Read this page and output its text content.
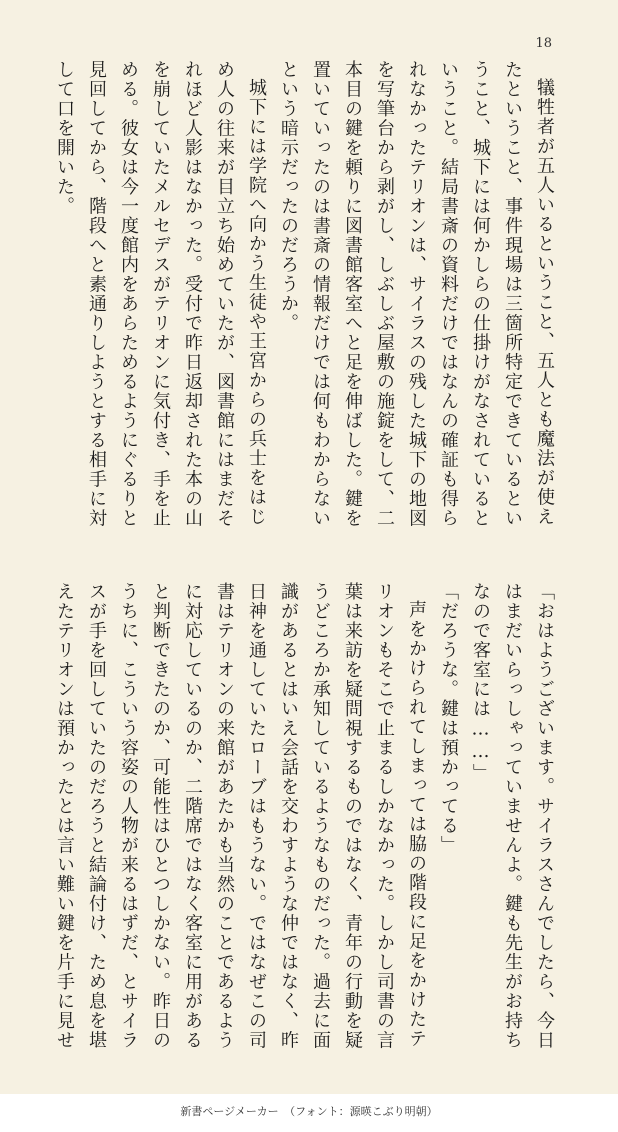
18

犠牲者が五人いるということ、五人とも魔法が使えたということ、事件現場は三箇所特定できているということ、城下には何かしらの仕掛けがなされているということ。結局書斎の資料だけではなんの確証も得られなかったテリオンは、サイラスの残した城下の地図を写筆台から剥がし、しぶしぶ屋敷の施錠をして、二本目の鍵を頼りに図書館客室へと足を伸ばした。鍵を置いていったのは書斎の情報だけでは何もわからないという暗示だったのだろうか。

城下には学院へ向かう生徒や王宮からの兵士をはじめ人の往来が目立ち始めていたが、図書館にはまだそれほど人影はなかった。受付で昨日返却された本の山を崩していたメルセデスがテリオンに気付き、手を止める。彼女は今一度館内をあらためるようにぐるりと見回してから、階段へと素通りしようとする相手に対して口を開いた。

「おはようございます。サイラスさんでしたら、今日はまだいらっしゃっていませんよ。鍵も先生がお持ちなので客室には……」

「だろうな。鍵は預かってる」

声をかけられてしまっては脇の階段に足をかけたテリオンもそこで止まるしかなかった。しかし司書の言葉は来訪を疑問視するものではなく、青年の行動を疑うどころか承知しているようなものだった。過去に面識があるとはいえ会話を交わすような仲ではなく、昨日神を通していたローブはもうない。ではなぜこの司書はテリオンの来館があたかも当然のことであるように対応しているのか、二階席ではなく客室に用があると判断できたのか、可能性はひとつしかない。昨日のうちに、こういう容姿の人物が来るはずだ、とサイラスが手を回していたのだろうと結論付け、ため息を堪えたテリオンは預かったとは言い難い鍵を片手に見せ

新書ページメーカー　（フォント：源暎こぶり明朝）
